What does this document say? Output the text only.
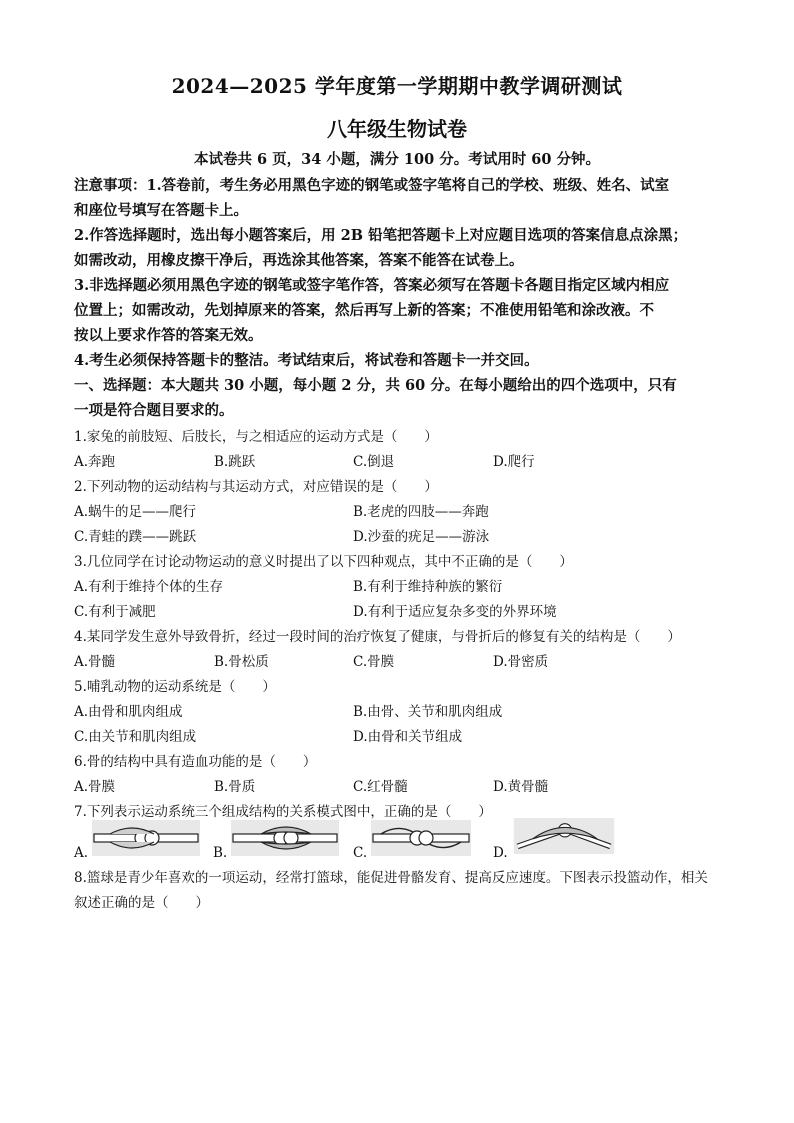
2024—2025 学年度第一学期期中教学调研测试
八年级生物试卷
本试卷共 6 页，34 小题，满分 100 分。考试用时 60 分钟。
注意事项：1.答卷前，考生务必用黑色字迹的钢笔或签字笔将自己的学校、班级、姓名、试室
和座位号填写在答题卡上。
2.作答选择题时，选出每小题答案后，用 2B 铅笔把答题卡上对应题目选项的答案信息点涂黑；
如需改动，用橡皮擦干净后，再选涂其他答案，答案不能答在试卷上。
3.非选择题必须用黑色字迹的钢笔或签字笔作答，答案必须写在答题卡各题目指定区域内相应
位置上；如需改动，先划掉原来的答案，然后再写上新的答案；不准使用铅笔和涂改液。不
按以上要求作答的答案无效。
4.考生必须保持答题卡的整洁。考试结束后，将试卷和答题卡一并交回。
一、选择题：本大题共 30 小题，每小题 2 分，共 60 分。在每小题给出的四个选项中，只有
一项是符合题目要求的。
1.家兔的前肢短、后肢长，与之相适应的运动方式是（　　）
A.奔跑	B.跳跃	C.倒退	D.爬行
2.下列动物的运动结构与其运动方式，对应错误的是（　　）
A.蜗牛的足——爬行	B.老虎的四肢——奔跑
C.青蛙的蹼——跳跃	D.沙蚕的疣足——游泳
3.几位同学在讨论动物运动的意义时提出了以下四种观点，其中不正确的是（　　）
A.有利于维持个体的生存	B.有利于维持种族的繁衍
C.有利于减肥	D.有利于适应复杂多变的外界环境
4.某同学发生意外导致骨折，经过一段时间的治疗恢复了健康，与骨折后的修复有关的结构是（　　）
A.骨髓	B.骨松质	C.骨膜	D.骨密质
5.哺乳动物的运动系统是（　　）
A.由骨和肌肉组成	B.由骨、关节和肌肉组成
C.由关节和肌肉组成	D.由骨和关节组成
6.骨的结构中具有造血功能的是（　　）
A.骨膜	B.骨质	C.红骨髓	D.黄骨髓
7.下列表示运动系统三个组成结构的关系模式图中，正确的是（　　）
A.	B.	C.	D.
8.篮球是青少年喜欢的一项运动，经常打篮球，能促进骨骼发育、提高反应速度。下图表示投篮动作，相关
叙述正确的是（　　）
